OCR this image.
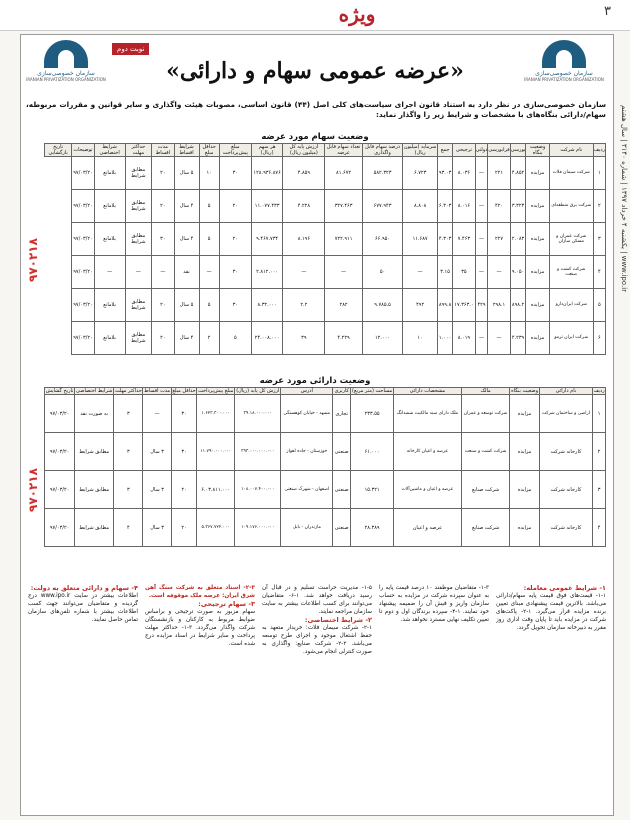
ویژه	۳
یکشنبه ۴ خرداد ۱۳۹۷ | شماره ۳۱۴۰ | سال هشتم | www.ipo.ir
سازمان خصوصی‌سازی
IRANIAN PRIVATIZATION ORGANIZATION
سازمان خصوصی‌سازی
IRANIAN PRIVATIZATION ORGANIZATION
نوبت دوم
«عرضه عمومی سهام و دارائی»
سازمان خصوصی‌سازی در نظر دارد به استناد قانون اجرای سیاست‌های کلی اصل (۴۴) قانون اساسی، مصوبات هیئت واگذاری و سایر قوانین و مقررات مربوطه، سهام/دارائی بنگاه‌های با مشخصات و شرایط زیر را واگذار نماید:
وضعیت سهام مورد عرضه
۹۷۰۲۱۸
ردیف	نام شرکت	وضعیت بنگاه	بورسی	فرابورسی	دولتی	ترجیحی	جمع	سرمایه (میلیون ریال)	درصد سهام قابل واگذاری	تعداد سهام قابل عرضه	ارزش پایه کل (میلیون ریال)	هر سهم (ریال)	مبلغ پیش‌پرداخت	حداقل مبلغ	شرایط اقساط	مدت اقساط	حداکثر مهلت	شرایط اختصاصی	توضیحات	تاریخ بازگشایی
۱	شرکت سیمان فلات	مزایده	۴.۸۵۲	۲۲۱	—	۸.۰۳۶	۹۳.۰۳	۶.۷۲۳	۵۸۲.۳۲۳	۸۱.۶۷۲	۴.۸۵۹	۱۲۸.۹۳۶.۸۷۶	۳۰	۱۰	۵ سال	۲۰	مطابق شرایط	بلامانع	۹۷/۰۳/۲۰	
۲	شرکت برق منطقه‌ای	مزایده	۳.۳۲۳	۴۲۰	—	۸.۰۱۶	۶.۳۰۳	۸.۸۰۸	۶۷۷.۹۴۳	۳۲۷.۴۶۳	۴.۲۲۸	۱۱.۰۷۷.۴۳۳	۲۰	۵	۴ سال	۲۰	مطابق شرایط	بلامانع	۹۷/۰۳/۲۰	
۳	شرکت عمران و مسکن سازان	مزایده	۲.۰۸۳	۲۲۷	—	۷.۴۶۳	۴.۳۰۳	۱۱.۶۸۷	۶۶.۹۵۰	۷۲۲.۹۱۱	۸.۱۹۶	۹.۴۶۷.۷۳۴	۲۰	۵	۴ سال	۳۰	مطابق شرایط	بلامانع	۹۷/۰۳/۲۰	
۴	شرکت کشت و صنعت	مزایده	۹.۰۵۰	—	—	۳۵	۳.۱۵	—	۵۰	—	—	۲.۸۱۲.۰۰۰	۳۰	—	نقد	—	—	—	۹۷/۰۳/۲۰	
۵	شرکت ایران‌دارو	مزایده	۸۹۸.۲	۲۹۸.۱	۴۲۹	۱۷.۳۶۳.۰	۸۹۹.۸	۴۹۲	۹.۷۸۵.۵	۲۸۲	۲.۲	۸.۳۲.۰۰۰	۳۰	۵	۵ سال	۲۰	مطابق شرایط	بلامانع	۹۷/۰۳/۲۰	
۶	شرکت ایران ترمو	مزایده	۴.۲۳۹	—	—	۸.۰۱۹	۱.۰۰۰	۱۰	۱۲.۰۰۰	۴.۲۲۹	۳۹	۲۴.۰۰۸.۰۰۰	۵	۲	۴ سال	۲۰	مطابق شرایط	بلامانع	۹۷/۰۳/۲۰	
وضعیت دارائی مورد عرضه
۹۷۰۲۱۸
ردیف	نام دارائی	وضعیت بنگاه	مالک	مشخصات دارائی	مساحت (متر مربع)	کاربری	آدرس	ارزش کل پایه (ریال)	مبلغ پیش‌پرداخت	حداقل مبلغ	مدت اقساط	حداکثر مهلت	شرایط اختصاصی	تاریخ گشایش
۱	اراضی و ساختمان شرکت	مزایده	شرکت توسعه و عمران	ملک دارای سند مالکیت ششدانگ	۲۳۳.۵۵	تجاری	مشهد - خیابان کوهسنگی	۳۹.۱۸.۰۰۰.۰۰۰	۱.۶۲۳.۳۰۰.۰۰۰	۳۰	—	۳	به صورت نقد	۹۷/۰۳/۲۰
۲	کارخانه شرکت	مزایده	شرکت کشت و صنعت	عرصه و اعیان کارخانه	۶۱.۰۰۰	صنعتی	خوزستان - جاده اهواز	۳۹۳.۰۰۰.۰۰۰.۰۰۰	۱۱.۷۹۰.۰۰۰.۰۰۰	۳۰	۳ سال	۳	مطابق شرایط	۹۷/۰۳/۲۰
۳	کارخانه شرکت	مزایده	شرکت صنایع	عرصه و اعیان و ماشین‌آلات	۱۵.۳۲۱	صنعتی	اصفهان - شهرک صنعتی	۱۰۸.۰۰۷.۴۰۰.۰۰۰	۶.۰۳.۸۱۱.۰۰۰	۲۰	۳ سال	۳	مطابق شرایط	۹۷/۰۳/۲۰
۴	کارخانه شرکت	مزایده	شرکت صنایع	عرصه و اعیان	۲۸.۳۸۹	صنعتی	مازندران - بابل	۱۰۹.۱۷۶.۰۰۰.۰۰۰	۵.۳۶۷.۷۲۲.۰۰۰	۲۰	۳ سال	۴	مطابق شرایط	۹۷/۰۳/۲۰
۱- شرایط عمومی معامله:
۱-۱- قیمت‌های فوق قیمت پایه سهام/دارائی می‌باشد. بالاترین قیمت پیشنهادی مبنای تعیین برنده مزایده قرار می‌گیرد. ۱-۲- پاکت‌های شرکت در مزایده باید تا پایان وقت اداری روز مقرر به دبیرخانه سازمان تحویل گردد.
۱-۳- متقاضیان موظفند ۱۰ درصد قیمت پایه را به عنوان سپرده شرکت در مزایده به حساب سازمان واریز و فیش آن را ضمیمه پیشنهاد خود نمایند. ۱-۴- سپرده برندگان اول و دوم تا تعیین تکلیف نهایی مسترد نخواهد شد.
۱-۵- مدیریت حراست تسلیم و در قبال آن رسید دریافت خواهد شد. ۱-۶- متقاضیان می‌توانند برای کسب اطلاعات بیشتر به سایت سازمان مراجعه نمایند.
۲- شرایط اختصاصی:
۲-۱- شرکت سیمان فلات: خریدار متعهد به حفظ اشتغال موجود و اجرای طرح توسعه می‌باشد. ۲-۲- شرکت صنایع: واگذاری به صورت کنترلی انجام می‌شود.
۲-۳- اسناد متعلق به شرکت سنگ آهن شرق ایران: عرصه ملک موقوفه است.
۳- سهام ترجیحی:
سهام مزبور به صورت ترجیحی و براساس ضوابط مربوط به کارکنان و بازنشستگان شرکت واگذار می‌گردد. ۳-۱- حداکثر مهلت پرداخت و سایر شرایط در اسناد مزایده درج شده است.
۴- سهام و دارائی متعلق به دولت:
اطلاعات بیشتر در سایت www.ipo.ir درج گردیده و متقاضیان می‌توانند جهت کسب اطلاعات بیشتر با شماره تلفن‌های سازمان تماس حاصل نمایند.
